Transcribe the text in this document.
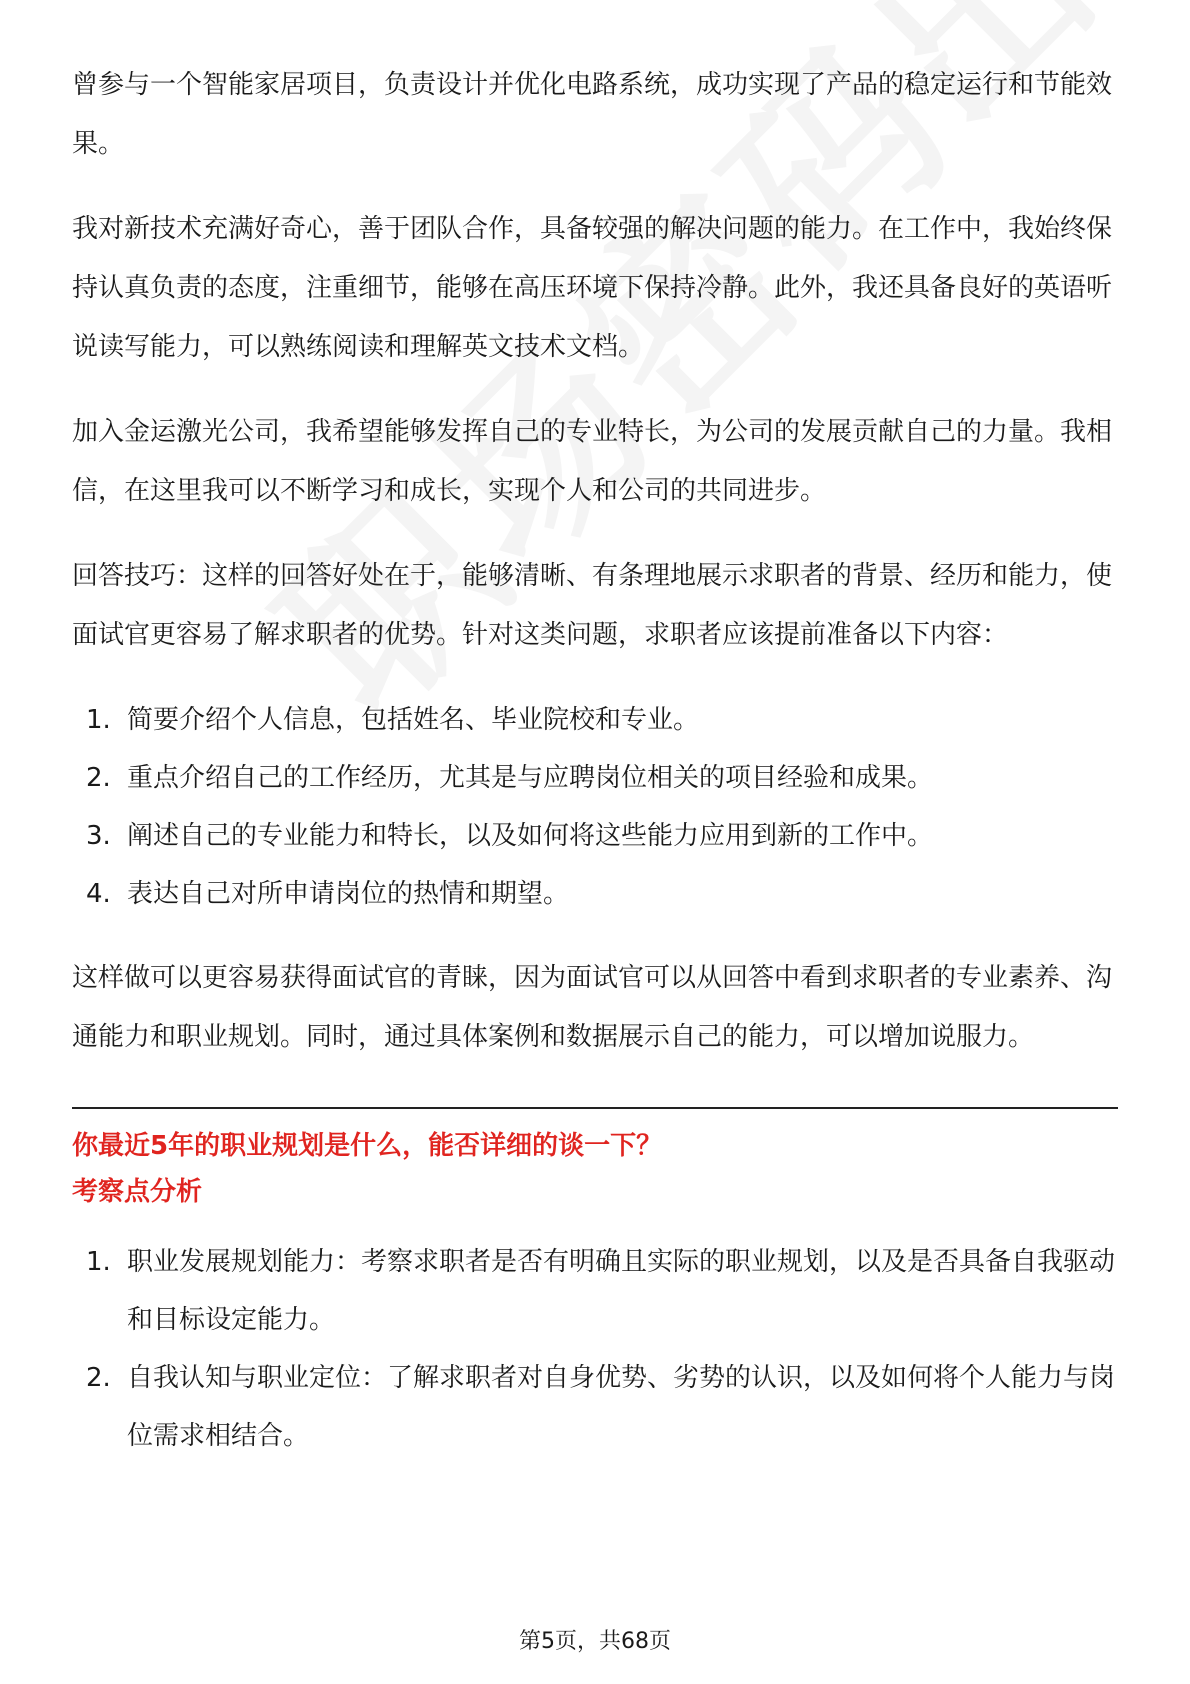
曾参与一个智能家居项目，负责设计并优化电路系统，成功实现了产品的稳定运行和节能效果。

我对新技术充满好奇心，善于团队合作，具备较强的解决问题的能力。在工作中，我始终保持认真负责的态度，注重细节，能够在高压环境下保持冷静。此外，我还具备良好的英语听说读写能力，可以熟练阅读和理解英文技术文档。

加入金运激光公司，我希望能够发挥自己的专业特长，为公司的发展贡献自己的力量。我相信，在这里我可以不断学习和成长，实现个人和公司的共同进步。

回答技巧：这样的回答好处在于，能够清晰、有条理地展示求职者的背景、经历和能力，使面试官更容易了解求职者的优势。针对这类问题，求职者应该提前准备以下内容：

1. 简要介绍个人信息，包括姓名、毕业院校和专业。
2. 重点介绍自己的工作经历，尤其是与应聘岗位相关的项目经验和成果。
3. 阐述自己的专业能力和特长，以及如何将这些能力应用到新的工作中。
4. 表达自己对所申请岗位的热情和期望。

这样做可以更容易获得面试官的青睐，因为面试官可以从回答中看到求职者的专业素养、沟通能力和职业规划。同时，通过具体案例和数据展示自己的能力，可以增加说服力。

你最近5年的职业规划是什么，能否详细的谈一下？

考察点分析

1. 职业发展规划能力：考察求职者是否有明确且实际的职业规划，以及是否具备自我驱动和目标设定能力。
2. 自我认知与职业定位：了解求职者对自身优势、劣势的认识，以及如何将个人能力与岗位需求相结合。
第5页，共68页
